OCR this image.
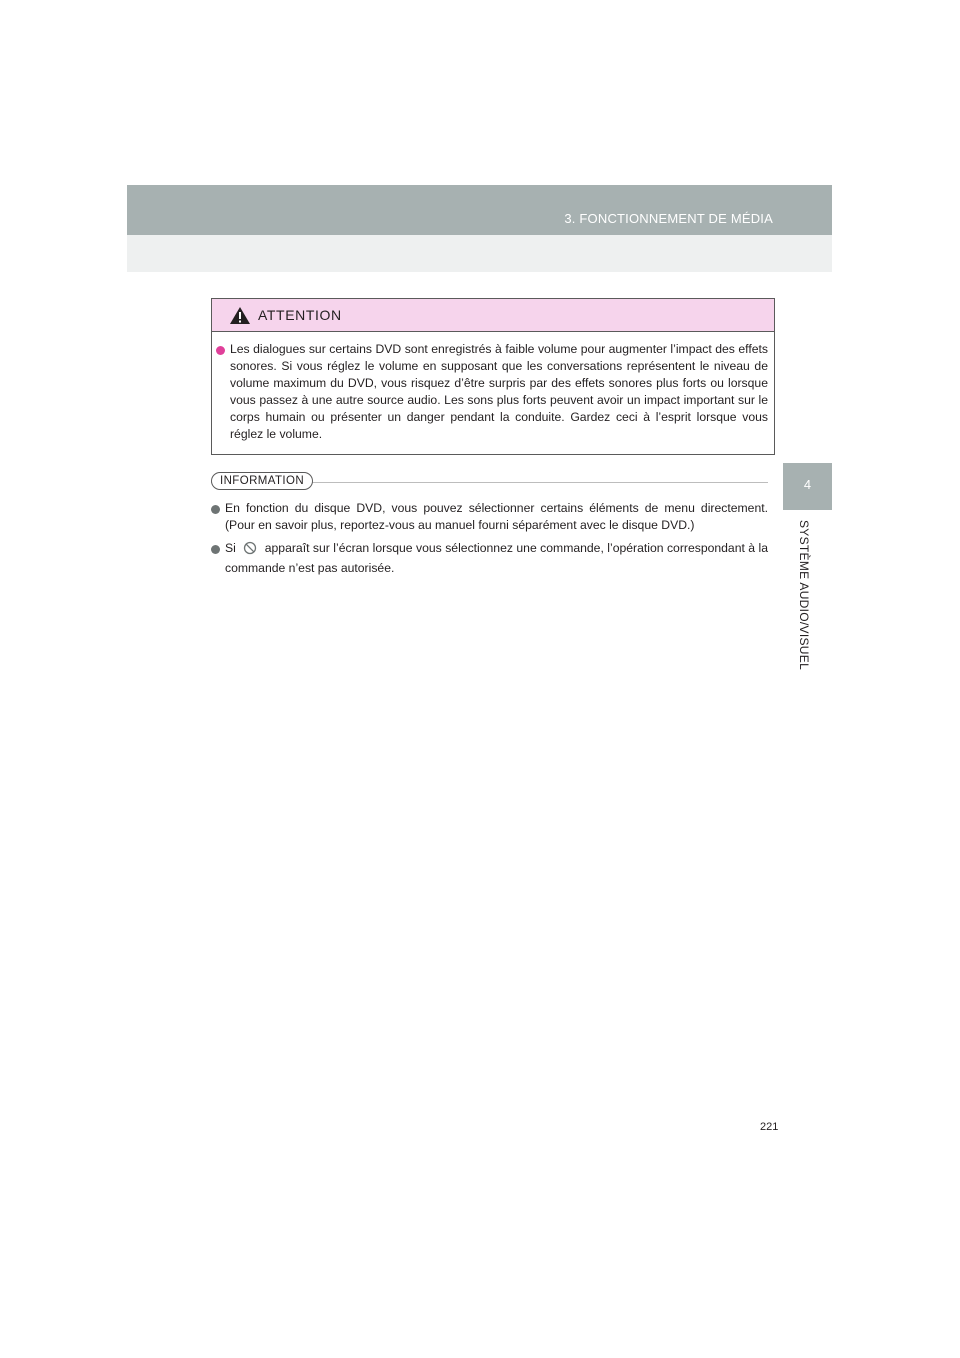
3. FONCTIONNEMENT DE MÉDIA
4
SYSTÈME AUDIO/VISUEL
ATTENTION
Les dialogues sur certains DVD sont enregistrés à faible volume pour augmenter l’impact des effets sonores. Si vous réglez le volume en supposant que les conversations représentent le niveau de volume maximum du DVD, vous risquez d’être surpris par des effets sonores plus forts ou lorsque vous passez à une autre source audio. Les sons plus forts peuvent avoir un impact important sur le corps humain ou présenter un danger pendant la conduite. Gardez ceci à l’esprit lorsque vous réglez le volume.
INFORMATION
En fonction du disque DVD, vous pouvez sélectionner certains éléments de menu directement. (Pour en savoir plus, reportez-vous au manuel fourni séparément avec le disque DVD.)
Si apparaît sur l’écran lorsque vous sélectionnez une commande, l’opération correspondant à la commande n’est pas autorisée.
221
